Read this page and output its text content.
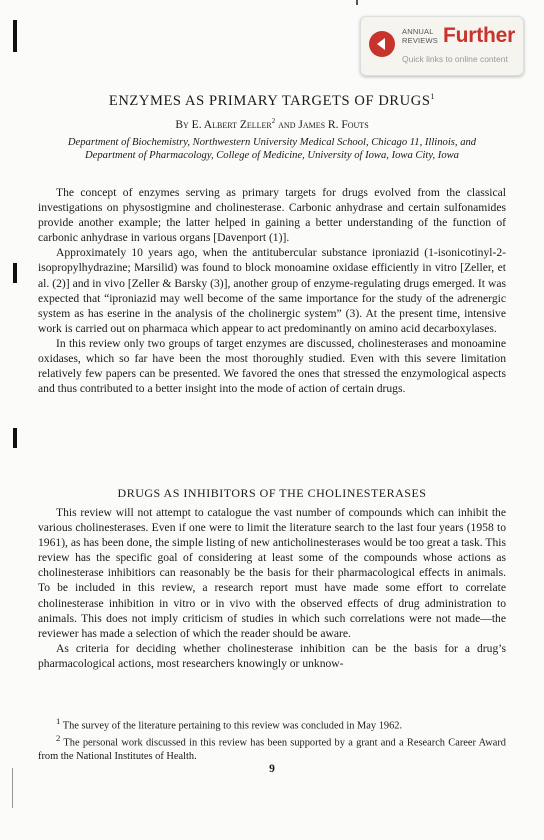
ANNUAL
REVIEWS Further
Quick links to online content
ENZYMES AS PRIMARY TARGETS OF DRUGS$^1$
By E. Albert Zeller$^2$ and James R. Fouts
Department of Biochemistry, Northwestern University Medical School, Chicago 11, Illinois, and Department of Pharmacology, College of Medicine, University of Iowa, Iowa City, Iowa

The concept of enzymes serving as primary targets for drugs evolved from the classical investigations on physostigmine and cholinesterase. Carbonic anhydrase and certain sulfonamides provide another example; the latter helped in gaining a better understanding of the function of carbonic anhydrase in various organs [Davenport (1)].

Approximately 10 years ago, when the antitubercular substance iproniazid (1-isonicotinyl-2-isopropylhydrazine; Marsilid) was found to block monoamine oxidase efficiently in vitro [Zeller, et al. (2)] and in vivo [Zeller & Barsky (3)], another group of enzyme-regulating drugs emerged. It was expected that “iproniazid may well become of the same importance for the study of the adrenergic system as has eserine in the analysis of the cholinergic system” (3). At the present time, intensive work is carried out on pharmaca which appear to act predominantly on amino acid decarboxylases.

In this review only two groups of target enzymes are discussed, cholinesterases and monoamine oxidases, which so far have been the most thoroughly studied. Even with this severe limitation relatively few papers can be presented. We favored the ones that stressed the enzymological aspects and thus contributed to a better insight into the mode of action of certain drugs.

DRUGS AS INHIBITORS OF THE CHOLINESTERASES

This review will not attempt to catalogue the vast number of compounds which can inhibit the various cholinesterases. Even if one were to limit the literature search to the last four years (1958 to 1961), as has been done, the simple listing of new anticholinesterases would be too great a task. This review has the specific goal of considering at least some of the compounds whose actions as cholinesterase inhibitiors can reasonably be the basis for their pharmacological effects in animals. To be included in this review, a research report must have made some effort to correlate cholinesterase inhibition in vitro or in vivo with the observed effects of drug administration to animals. This does not imply criticism of studies in which such correlations were not made—the reviewer has made a selection of which the reader should be aware.

As criteria for deciding whether cholinesterase inhibition can be the basis for a drug’s pharmacological actions, most researchers knowingly or unknow-

$^1$ The survey of the literature pertaining to this review was concluded in May 1962.

$^2$ The personal work discussed in this review has been supported by a grant and a Research Career Award from the National Institutes of Health.

9
